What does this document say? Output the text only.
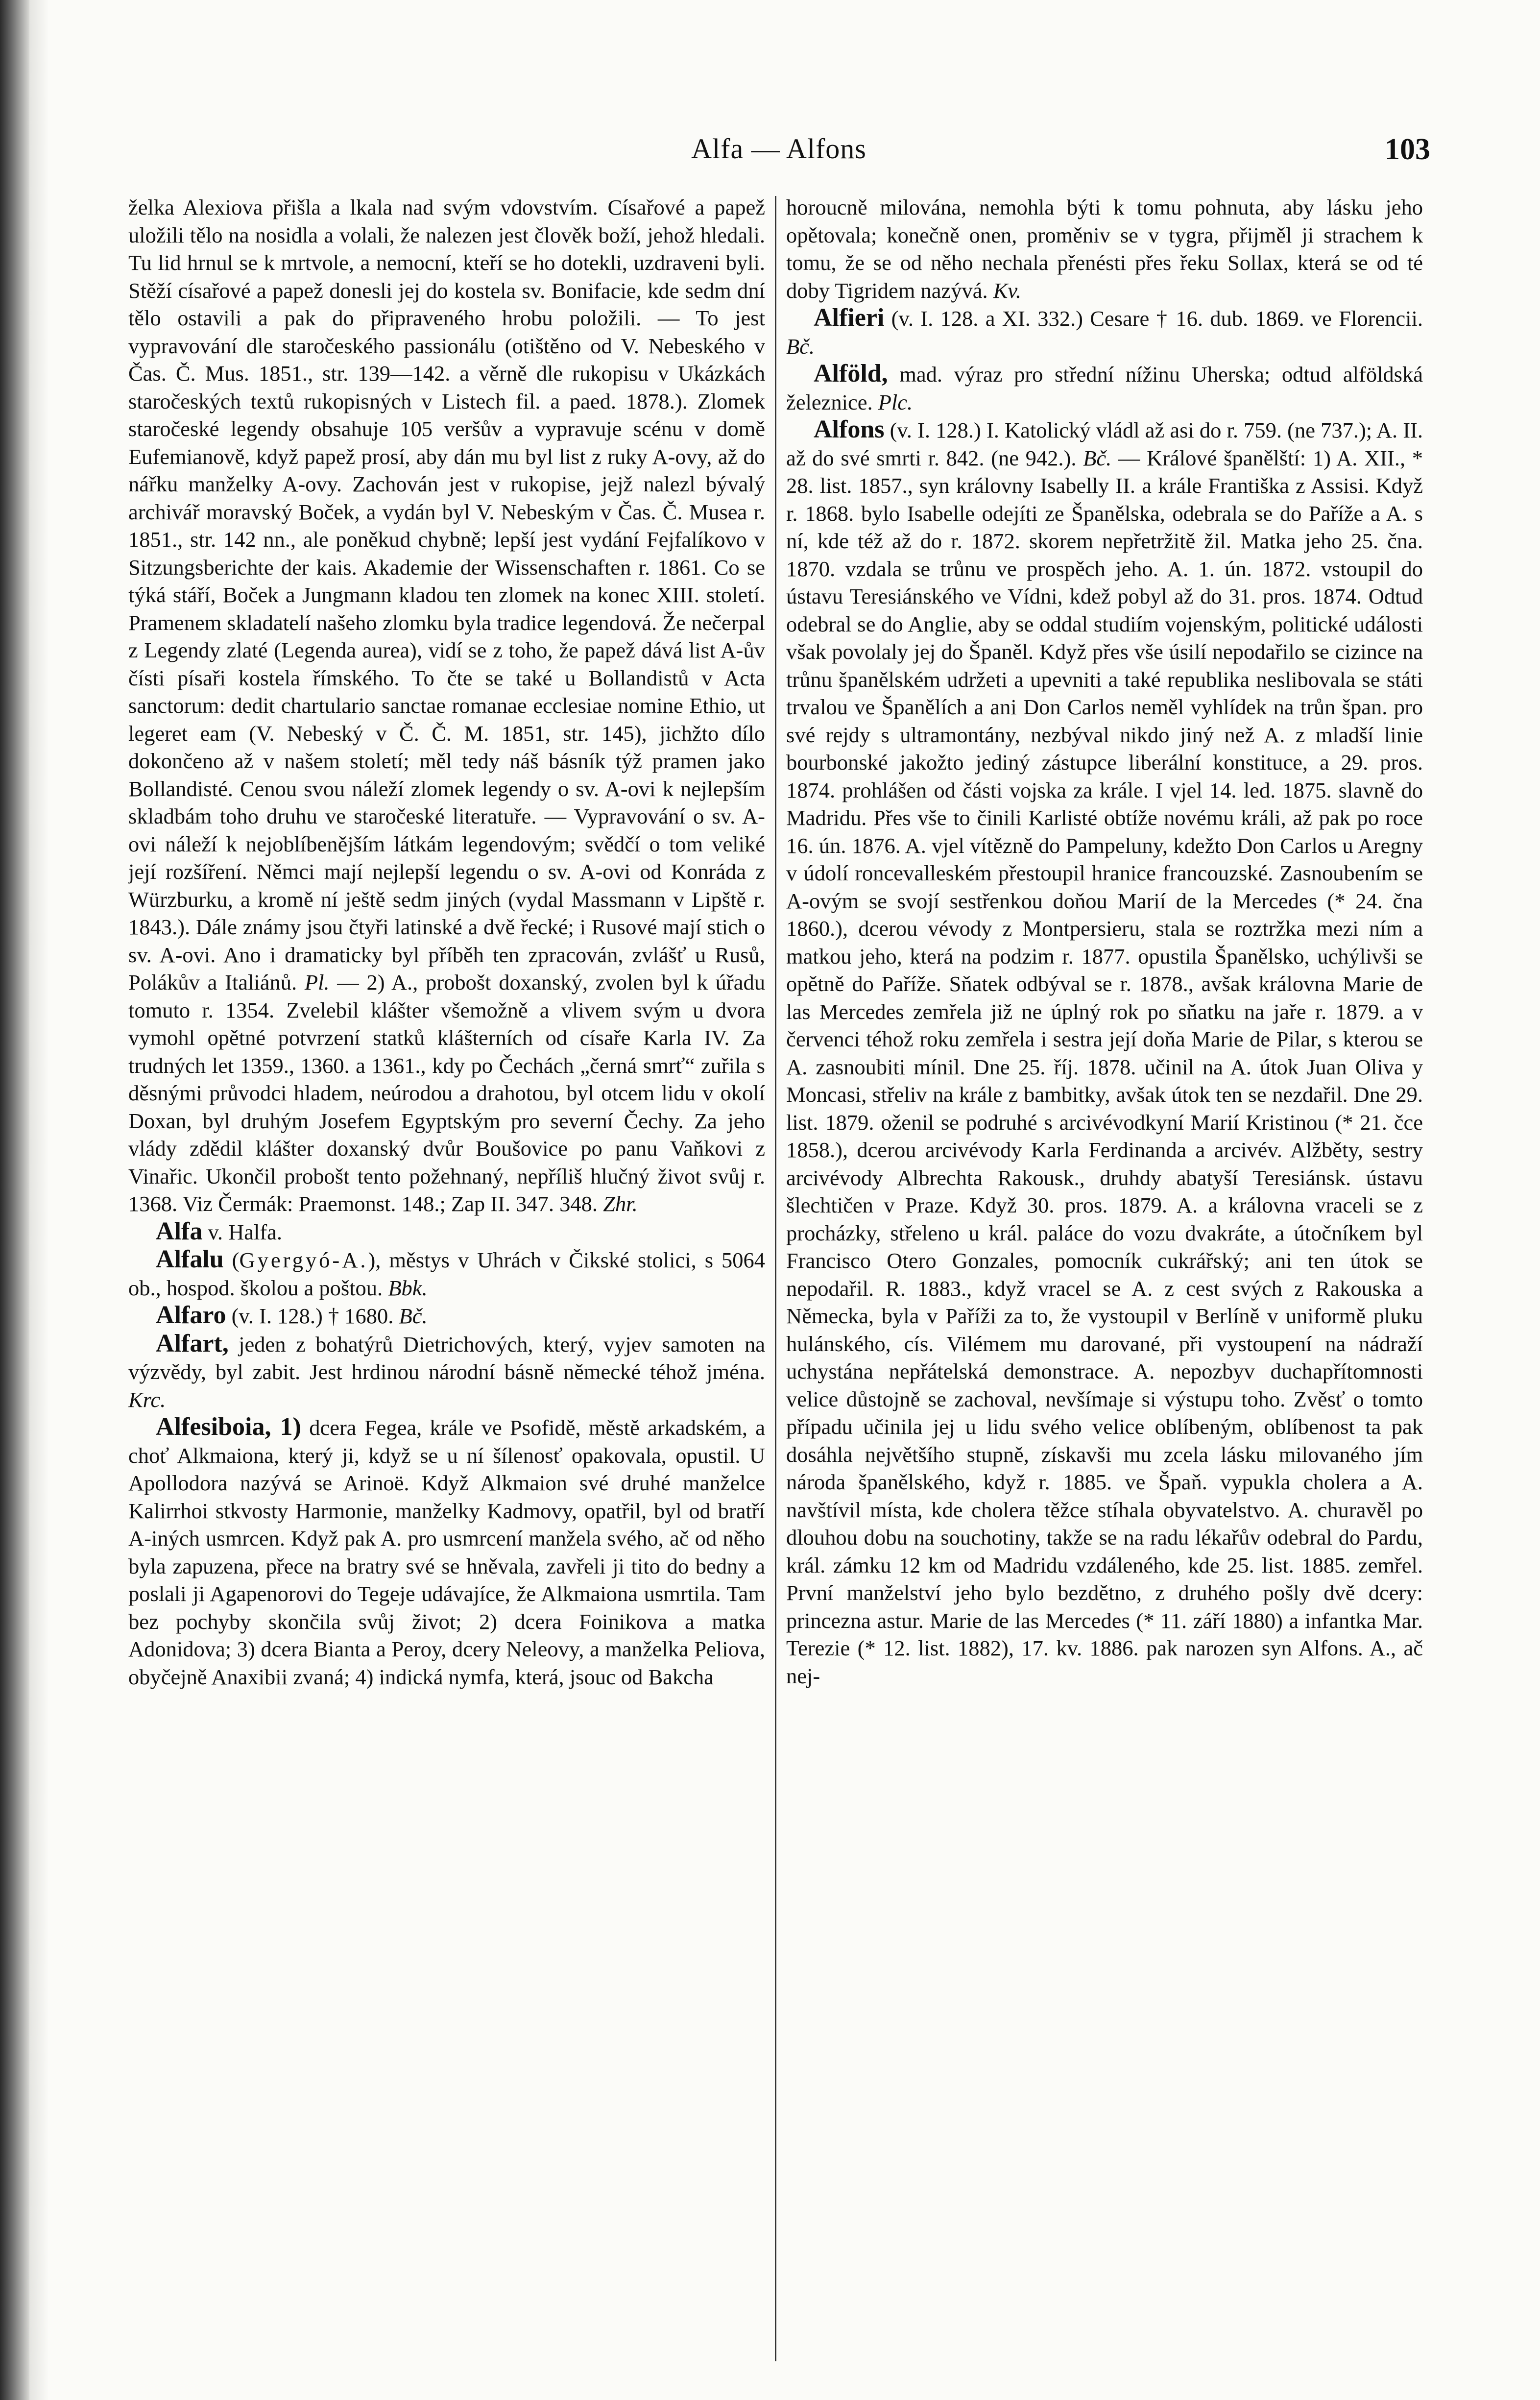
Alfa — Alfons	103

želka Alexiova přišla a lkala nad svým vdovstvím. Císařové a papež uložili tělo na nosidla a volali, že nalezen jest člověk boží, jehož hledali. Tu lid hrnul se k mrtvole, a nemocní, kteří se ho dotekli, uzdraveni byli. Stěží císařové a papež donesli jej do kostela sv. Bonifacie, kde sedm dní tělo ostavili a pak do připraveného hrobu položili. — To jest vypravování dle staročeského passionálu (otištěno od V. Nebeského v Čas. Č. Mus. 1851., str. 139—142. a věrně dle rukopisu v Ukázkách staročeských textů rukopisných v Listech fil. a paed. 1878.). Zlomek staročeské legendy obsahuje 105 veršův a vypravuje scénu v domě Eufemianově, když papež prosí, aby dán mu byl list z ruky A-ovy, až do nářku manželky A-ovy. Zachován jest v rukopise, jejž nalezl bývalý archivář moravský Boček, a vydán byl V. Nebeským v Čas. Č. Musea r. 1851., str. 142 nn., ale poněkud chybně; lepší jest vydání Fejfalíkovo v Sitzungsberichte der kais. Akademie der Wissenschaften r. 1861. Co se týká stáří, Boček a Jungmann kladou ten zlomek na konec XIII. století. Pramenem skladatelí našeho zlomku byla tradice legendová. Že nečerpal z Legendy zlaté (Legenda aurea), vidí se z toho, že papež dává list A-ův čísti písaři kostela římského. To čte se také u Bollandistů v Acta sanctorum: dedit chartulario sanctae romanae ecclesiae nomine Ethio, ut legeret eam (V. Nebeský v Č. Č. M. 1851, str. 145), jichžto dílo dokončeno až v našem století; měl tedy náš básník týž pramen jako Bollandisté. Cenou svou náleží zlomek legendy o sv. A-ovi k nejlepším skladbám toho druhu ve staročeské literatuře. — Vypravování o sv. A-ovi náleží k nejoblíbenějším látkám legendovým; svědčí o tom veliké její rozšíření. Němci mají nejlepší legendu o sv. A-ovi od Konráda z Würzburku, a kromě ní ještě sedm jiných (vydal Massmann v Lipště r. 1843.). Dále známy jsou čtyři latinské a dvě řecké; i Rusové mají stich o sv. A-ovi. Ano i dramaticky byl příběh ten zpracován, zvlášť u Rusů, Polákův a Italiánů. Pl. — 2) A., probošt doxanský, zvolen byl k úřadu tomuto r. 1354. Zvelebil klášter všemožně a vlivem svým u dvora vymohl opětné potvrzení statků klášterních od císaře Karla IV. Za trudných let 1359., 1360. a 1361., kdy po Čechách „černá smrť“ zuřila s děsnými průvodci hladem, neúrodou a drahotou, byl otcem lidu v okolí Doxan, byl druhým Josefem Egyptským pro severní Čechy. Za jeho vlády zdědil klášter doxanský dvůr Boušovice po panu Vaňkovi z Vinařic. Ukončil probošt tento požehnaný, nepříliš hlučný život svůj r. 1368. Viz Čermák: Praemonst. 148.; Zap II. 347. 348. Zhr.

Alfa v. Halfa.

Alfalu (Gyergyó-A.), městys v Uhrách v Čikské stolici, s 5064 ob., hospod. školou a poštou. Bbk.

Alfaro (v. I. 128.) † 1680. Bč.

Alfart, jeden z bohatýrů Dietrichových, který, vyjev samoten na výzvědy, byl zabit. Jest hrdinou národní básně německé téhož jména. Krc.

Alfesiboia, 1) dcera Fegea, krále ve Psofidě, městě arkadském, a choť Alkmaiona, který ji, když se u ní šílenosť opakovala, opustil. U Apollodora nazývá se Arinoë. Když Alkmaion své druhé manželce Kalirrhoi stkvosty Harmonie, manželky Kadmovy, opatřil, byl od bratří A-iných usmrcen. Když pak A. pro usmrcení manžela svého, ač od něho byla zapuzena, přece na bratry své se hněvala, zavřeli ji tito do bedny a poslali ji Agapenorovi do Tegeje udávajíce, že Alkmaiona usmrtila. Tam bez pochyby skončila svůj život; 2) dcera Foinikova a matka Adonidova; 3) dcera Bianta a Peroy, dcery Neleovy, a manželka Peliova, obyčejně Anaxibii zvaná; 4) indická nymfa, která, jsouc od Bakcha

horoucně milována, nemohla býti k tomu pohnuta, aby lásku jeho opětovala; konečně onen, proměniv se v tygra, přijměl ji strachem k tomu, že se od něho nechala přenésti přes řeku Sollax, která se od té doby Tigridem nazývá. Kv.

Alfieri (v. I. 128. a XI. 332.) Cesare † 16. dub. 1869. ve Florencii. Bč.

Alföld, mad. výraz pro střední nížinu Uherska; odtud alföldská železnice. Plc.

Alfons (v. I. 128.) I. Katolický vládl až asi do r. 759. (ne 737.); A. II. až do své smrti r. 842. (ne 942.). Bč. — Králové španělští: 1) A. XII., * 28. list. 1857., syn královny Isabelly II. a krále Františka z Assisi. Když r. 1868. bylo Isabelle odejíti ze Španělska, odebrala se do Paříže a A. s ní, kde též až do r. 1872. skorem nepřetržitě žil. Matka jeho 25. čna. 1870. vzdala se trůnu ve prospěch jeho. A. 1. ún. 1872. vstoupil do ústavu Teresiánského ve Vídni, kdež pobyl až do 31. pros. 1874. Odtud odebral se do Anglie, aby se oddal studiím vojenským, politické události však povolaly jej do Španěl. Když přes vše úsilí nepodařilo se cizince na trůnu španělském udržeti a upevniti a také republika neslibovala se státi trvalou ve Španělích a ani Don Carlos neměl vyhlídek na trůn špan. pro své rejdy s ultramontány, nezbýval nikdo jiný než A. z mladší linie bourbonské jakožto jediný zástupce liberální konstituce, a 29. pros. 1874. prohlášen od části vojska za krále. I vjel 14. led. 1875. slavně do Madridu. Přes vše to činili Karlisté obtíže novému králi, až pak po roce 16. ún. 1876. A. vjel vítězně do Pampeluny, kdežto Don Carlos u Aregny v údolí roncevalleském přestoupil hranice francouzské. Zasnoubením se A-ovým se svojí sestřenkou doňou Marií de la Mercedes (* 24. čna 1860.), dcerou vévody z Montpersieru, stala se roztržka mezi ním a matkou jeho, která na podzim r. 1877. opustila Španělsko, uchýlivši se opětně do Paříže. Sňatek odbýval se r. 1878., avšak královna Marie de las Mercedes zemřela již ne úplný rok po sňatku na jaře r. 1879. a v červenci téhož roku zemřela i sestra její doňa Marie de Pilar, s kterou se A. zasnoubiti mínil. Dne 25. říj. 1878. učinil na A. útok Juan Oliva y Moncasi, střeliv na krále z bambitky, avšak útok ten se nezdařil. Dne 29. list. 1879. oženil se podruhé s arcivévodkyní Marií Kristinou (* 21. čce 1858.), dcerou arcivévody Karla Ferdinanda a arcivév. Alžběty, sestry arcivévody Albrechta Rakousk., druhdy abatyší Teresiánsk. ústavu šlechtičen v Praze. Když 30. pros. 1879. A. a královna vraceli se z procházky, střeleno u král. paláce do vozu dvakráte, a útočníkem byl Francisco Otero Gonzales, pomocník cukrářský; ani ten útok se nepodařil. R. 1883., když vracel se A. z cest svých z Rakouska a Německa, byla v Paříži za to, že vystoupil v Berlíně v uniformě pluku hulánského, cís. Vilémem mu darované, při vystoupení na nádraží uchystána nepřátelská demonstrace. A. nepozbyv duchapřítomnosti velice důstojně se zachoval, nevšímaje si výstupu toho. Zvěsť o tomto případu učinila jej u lidu svého velice oblíbeným, oblíbenost ta pak dosáhla největšího stupně, získavši mu zcela lásku milovaného jím národa španělského, když r. 1885. ve Špaň. vypukla cholera a A. navštívil místa, kde cholera těžce stíhala obyvatelstvo. A. churavěl po dlouhou dobu na souchotiny, takže se na radu lékařův odebral do Pardu, král. zámku 12 km od Madridu vzdáleného, kde 25. list. 1885. zemřel. První manželství jeho bylo bezdětno, z druhého pošly dvě dcery: princezna astur. Marie de las Mercedes (* 11. září 1880) a infantka Mar. Terezie (* 12. list. 1882), 17. kv. 1886. pak narozen syn Alfons. A., ač nej-
